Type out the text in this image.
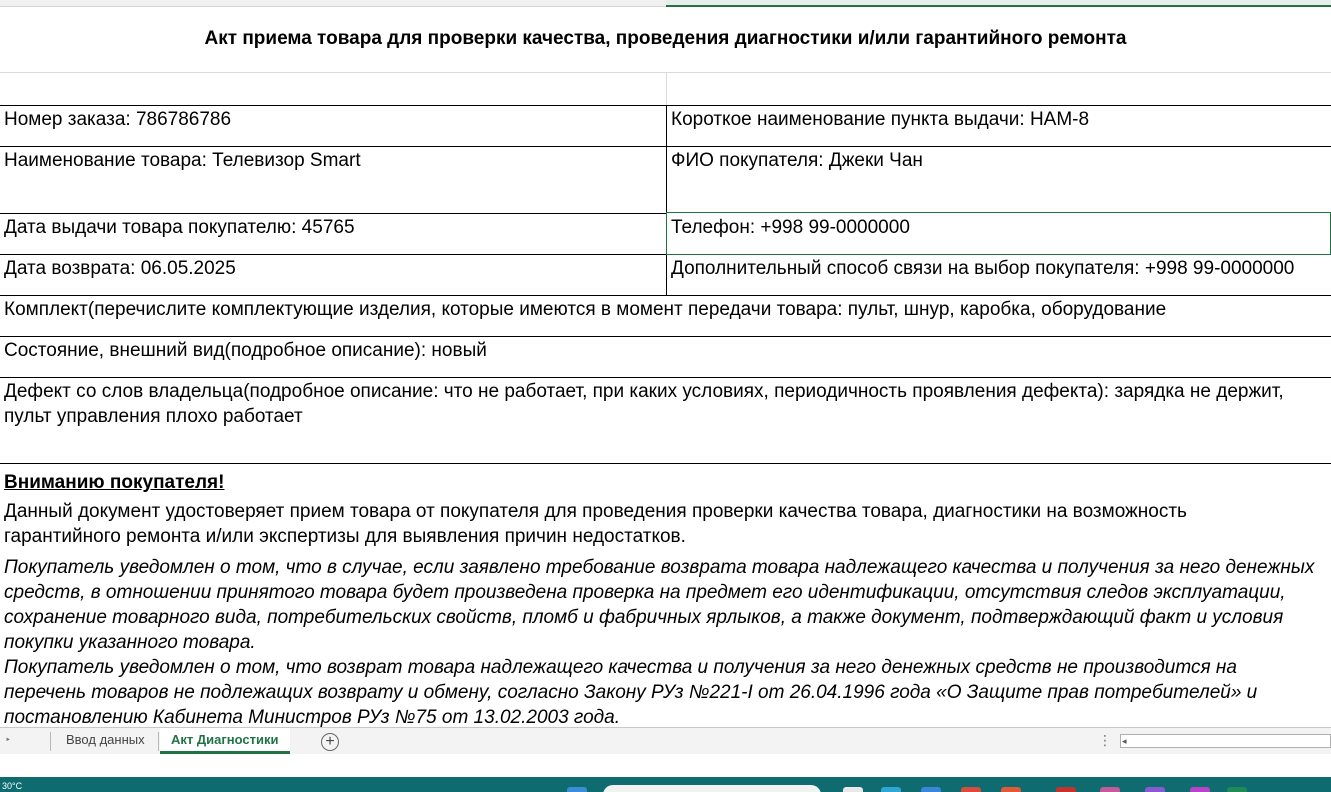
Акт приема товара для проверки качества, проведения диагностики и/или гарантийного ремонта
Номер заказа: 786786786	Короткое наименование пункта выдачи: HAM-8
Наименование товара: Телевизор Smart	ФИО покупателя: Джеки Чан
Дата выдачи товара покупателю: 45765	Телефон: +998 99-0000000
Дата возврата: 06.05.2025	Дополнительный способ связи на выбор покупателя: +998 99-0000000
Комплект(перечислите комплектующие изделия, которые имеются в момент передачи товара: пульт, шнур, каробка, оборудование
Состояние, внешний вид(подробное описание): новый
Дефект со слов владельца(подробное описание: что не работает, при каких условиях, периодичность проявления дефекта): зарядка не держит, пульт управления плохо работает
Вниманию покупателя!
Данный документ удостоверяет прием товара от покупателя для проведения проверки качества товара, диагностики на возможность гарантийного ремонта и/или экспертизы для выявления причин недостатков.
Покупатель уведомлен о том, что в случае, если заявлено требование возврата товара надлежащего качества и получения за него денежных средств, в отношении принятого товара будет произведена проверка на предмет его идентификации, отсутствия следов эксплуатации, сохранение товарного вида, потребительских свойств, пломб и фабричных ярлыков, а также документ, подтверждающий факт и условия покупки указанного товара.
Покупатель уведомлен о том, что возврат товара надлежащего качества и получения за него денежных средств не производится на перечень товаров не подлежащих возврату и обмену, согласно Закону РУз №221-I от 26.04.1996 года «О Защите прав потребителей» и постановлению Кабинета Министров РУз №75 от 13.02.2003 года.
‣	Ввод данных	Акт Диагностики	+	⋮ ◂
30°C
